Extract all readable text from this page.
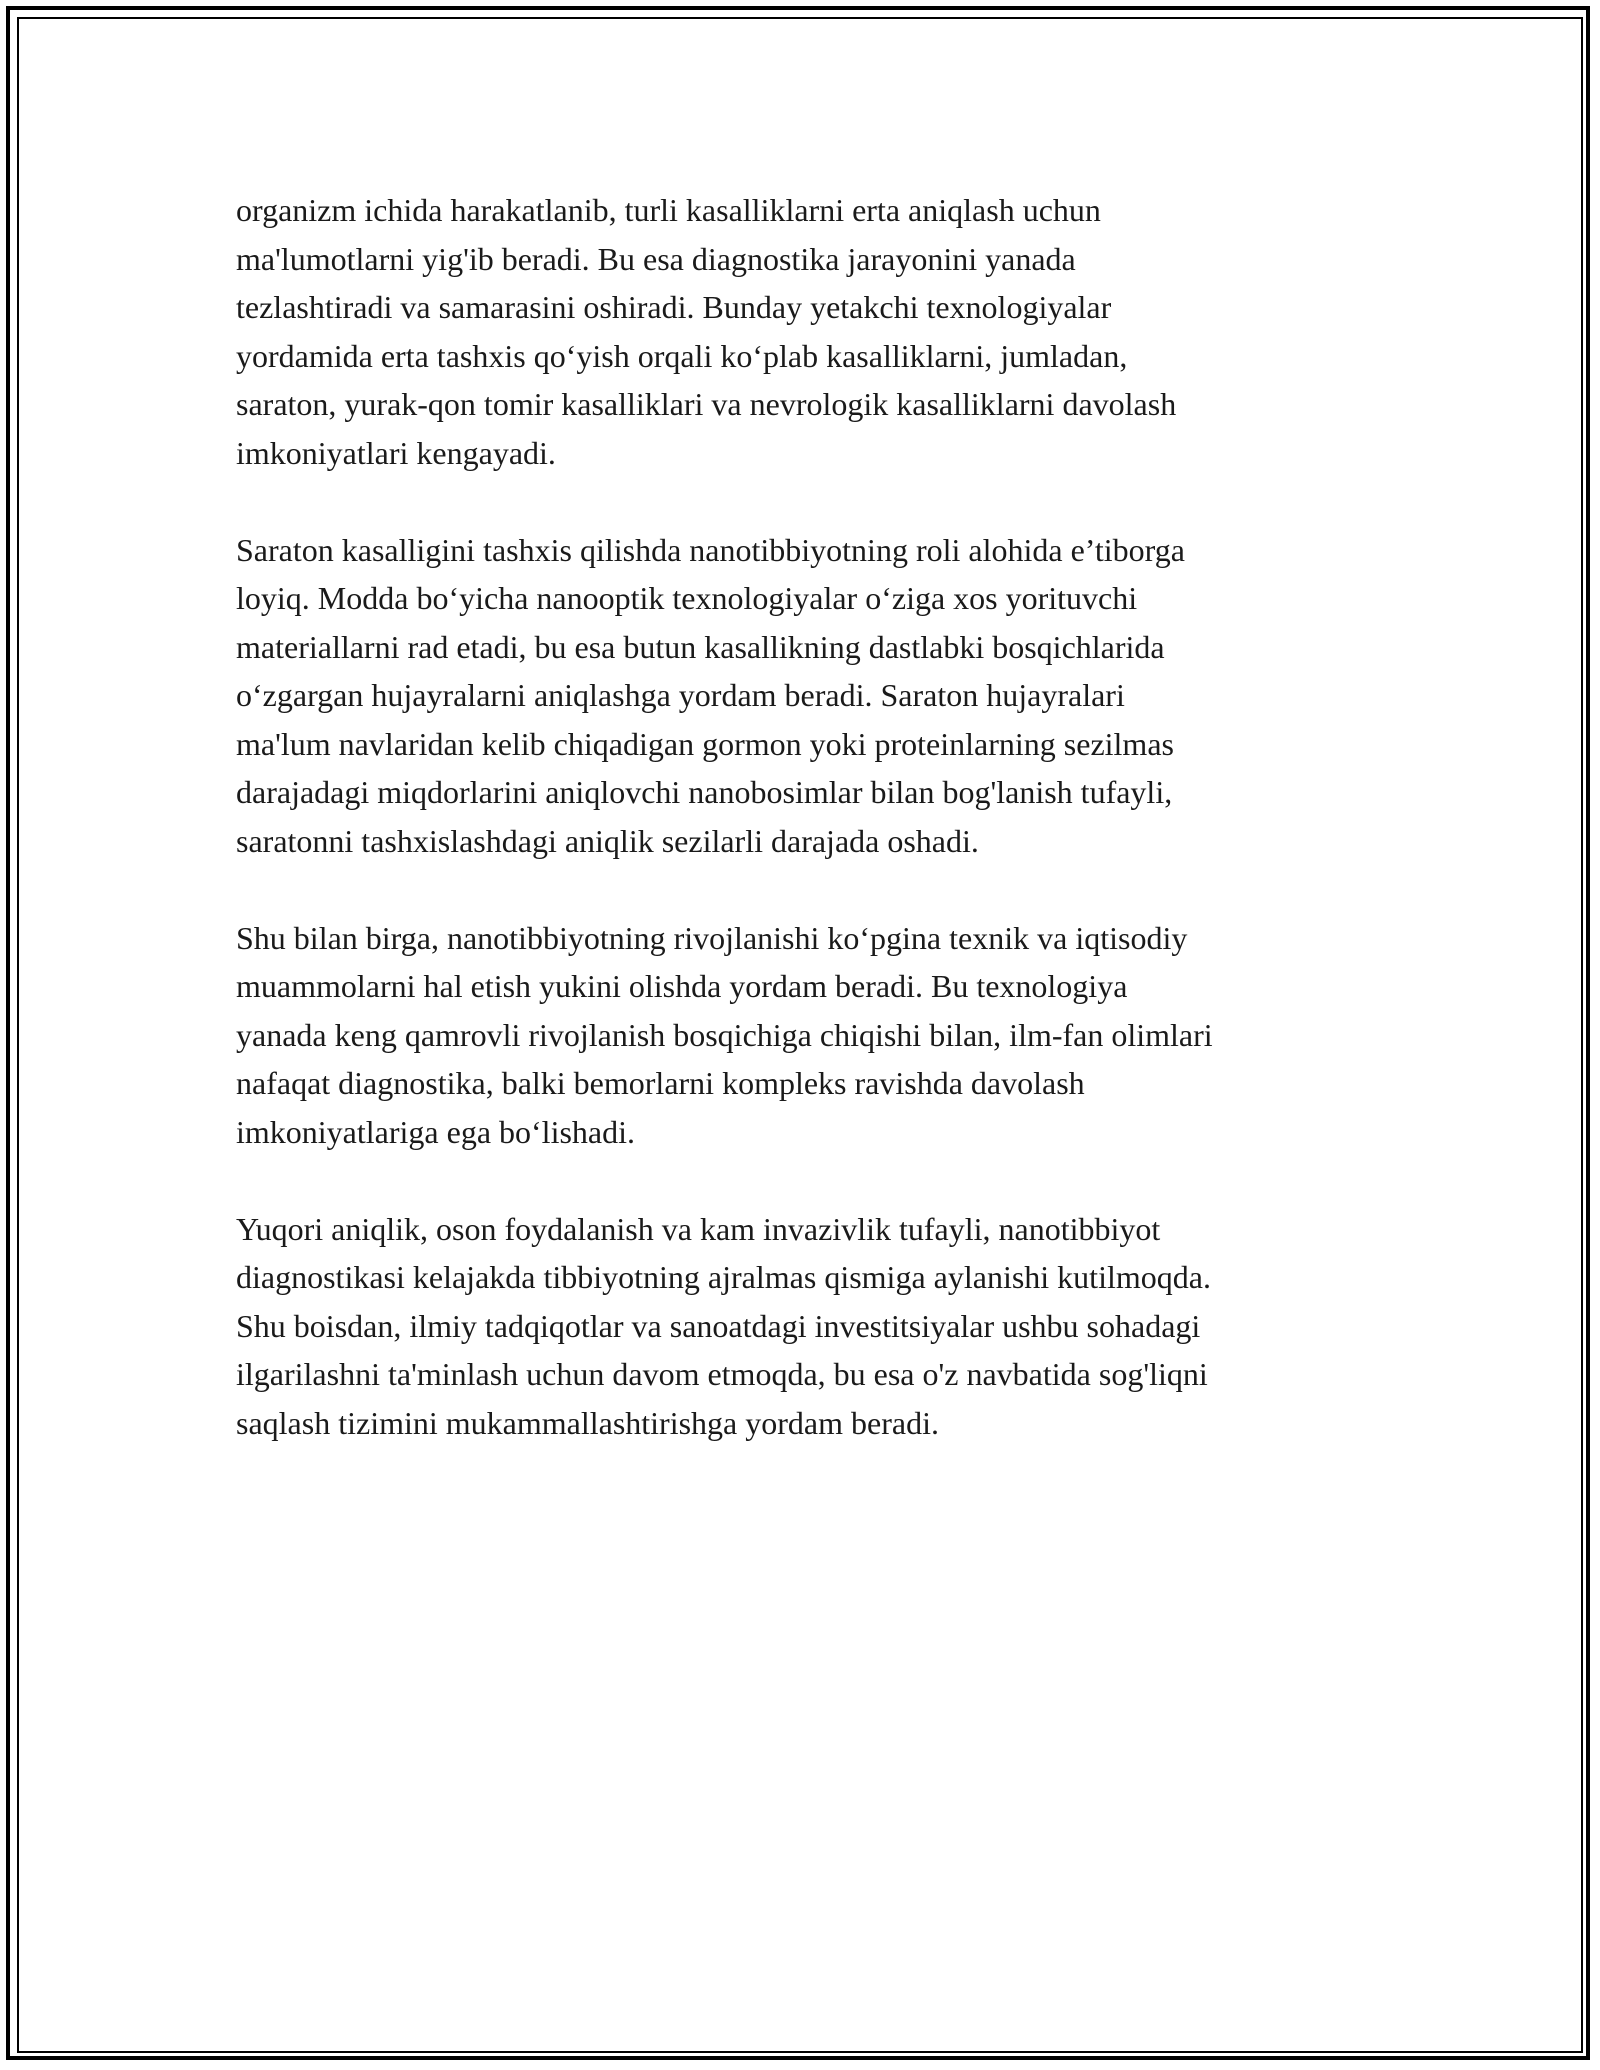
organizm ichida harakatlanib, turli kasalliklarni erta aniqlash uchun
ma'lumotlarni yig'ib beradi. Bu esa diagnostika jarayonini yanada
tezlashtiradi va samarasini oshiradi. Bunday yetakchi texnologiyalar
yordamida erta tashxis qo‘yish orqali ko‘plab kasalliklarni, jumladan,
saraton, yurak-qon tomir kasalliklari va nevrologik kasalliklarni davolash
imkoniyatlari kengayadi.

Saraton kasalligini tashxis qilishda nanotibbiyotning roli alohida e’tiborga
loyiq. Modda bo‘yicha nanooptik texnologiyalar o‘ziga xos yorituvchi
materiallarni rad etadi, bu esa butun kasallikning dastlabki bosqichlarida
o‘zgargan hujayralarni aniqlashga yordam beradi. Saraton hujayralari
ma'lum navlaridan kelib chiqadigan gormon yoki proteinlarning sezilmas
darajadagi miqdorlarini aniqlovchi nanobosimlar bilan bog'lanish tufayli,
saratonni tashxislashdagi aniqlik sezilarli darajada oshadi.

Shu bilan birga, nanotibbiyotning rivojlanishi ko‘pgina texnik va iqtisodiy
muammolarni hal etish yukini olishda yordam beradi. Bu texnologiya
yanada keng qamrovli rivojlanish bosqichiga chiqishi bilan, ilm-fan olimlari
nafaqat diagnostika, balki bemorlarni kompleks ravishda davolash
imkoniyatlariga ega bo‘lishadi.

Yuqori aniqlik, oson foydalanish va kam invazivlik tufayli, nanotibbiyot
diagnostikasi kelajakda tibbiyotning ajralmas qismiga aylanishi kutilmoqda.
Shu boisdan, ilmiy tadqiqotlar va sanoatdagi investitsiyalar ushbu sohadagi
ilgarilashni ta'minlash uchun davom etmoqda, bu esa o'z navbatida sog'liqni
saqlash tizimini mukammallashtirishga yordam beradi.
